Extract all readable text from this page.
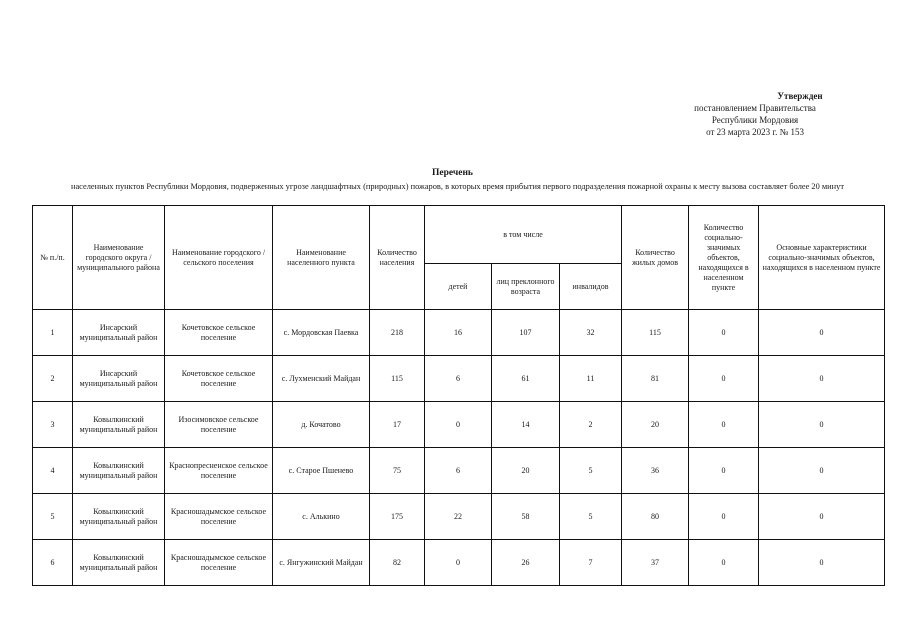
Утвержден
постановлением Правительства
Республики Мордовия
от 23 марта 2023 г. № 153
Перечень
населенных пунктов Республики Мордовия, подверженных угрозе ландшафтных (природных) пожаров, в которых время прибытия первого подразделения пожарной охраны к месту вызова составляет более 20 минут
№ п./п.	Наименование городского округа / муниципального района	Наименование городского / сельского поселения	Наименование населенного пункта	Количество населения	в том числе			Количество жилых домов	Количество социально-значимых объектов, находящихся в населенном пункте	Основные характеристики социально-значимых объектов, находящихся в населенном пункте
					детей	лиц преклонного возраста	инвалидов			
1	Инсарский муниципальный район	Кочетовское сельское поселение	с. Мордовская Паевка	218	16	107	32	115	0	0
2	Инсарский муниципальный район	Кочетовское сельское поселение	с. Лухменский Майдан	115	6	61	11	81	0	0
3	Ковылкинский муниципальный район	Изосимовское сельское поселение	д. Кочатово	17	0	14	2	20	0	0
4	Ковылкинский муниципальный район	Краснопресненское сельское поселение	с. Старое Пшенево	75	6	20	5	36	0	0
5	Ковылкинский муниципальный район	Красношадымское сельское поселение	с. Алькино	175	22	58	5	80	0	0
6	Ковылкинский муниципальный район	Красношадымское сельское поселение	с. Янгужинский Майдан	82	0	26	7	37	0	0
